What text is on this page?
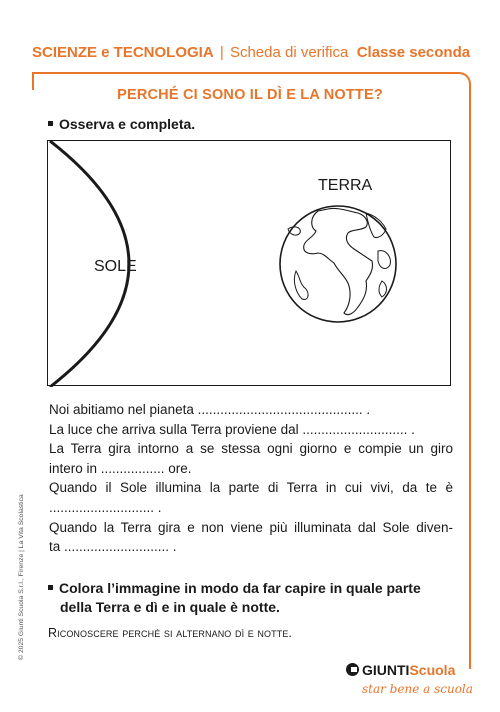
SCIENZE e TECNOLOGIA | Scheda di verifica Classe seconda
PERCHÉ CI SONO IL DÌ E LA NOTTE?
Osserva e completa.
SOLE
TERRA

Noi abitiamo nel pianeta ............................................ .

La luce che arriva sulla Terra proviene dal ............................ .

La Terra gira intorno a se stessa ogni giorno e compie un giro

intero in ................. ore.

Quando il Sole illumina la parte di Terra in cui vivi, da te è

............................ .

Quando la Terra gira e non viene più illuminata dal Sole diven-

ta ............................ .

Colora l’immagine in modo da far capire in quale parte
della Terra e dì e in quale è notte.
Riconoscere perché si alternano dì e notte.
© 2025 Giunti Scuola S.r.l., Firenze | La Vita Scolastica
GIUNTIScuola
star bene a scuola
